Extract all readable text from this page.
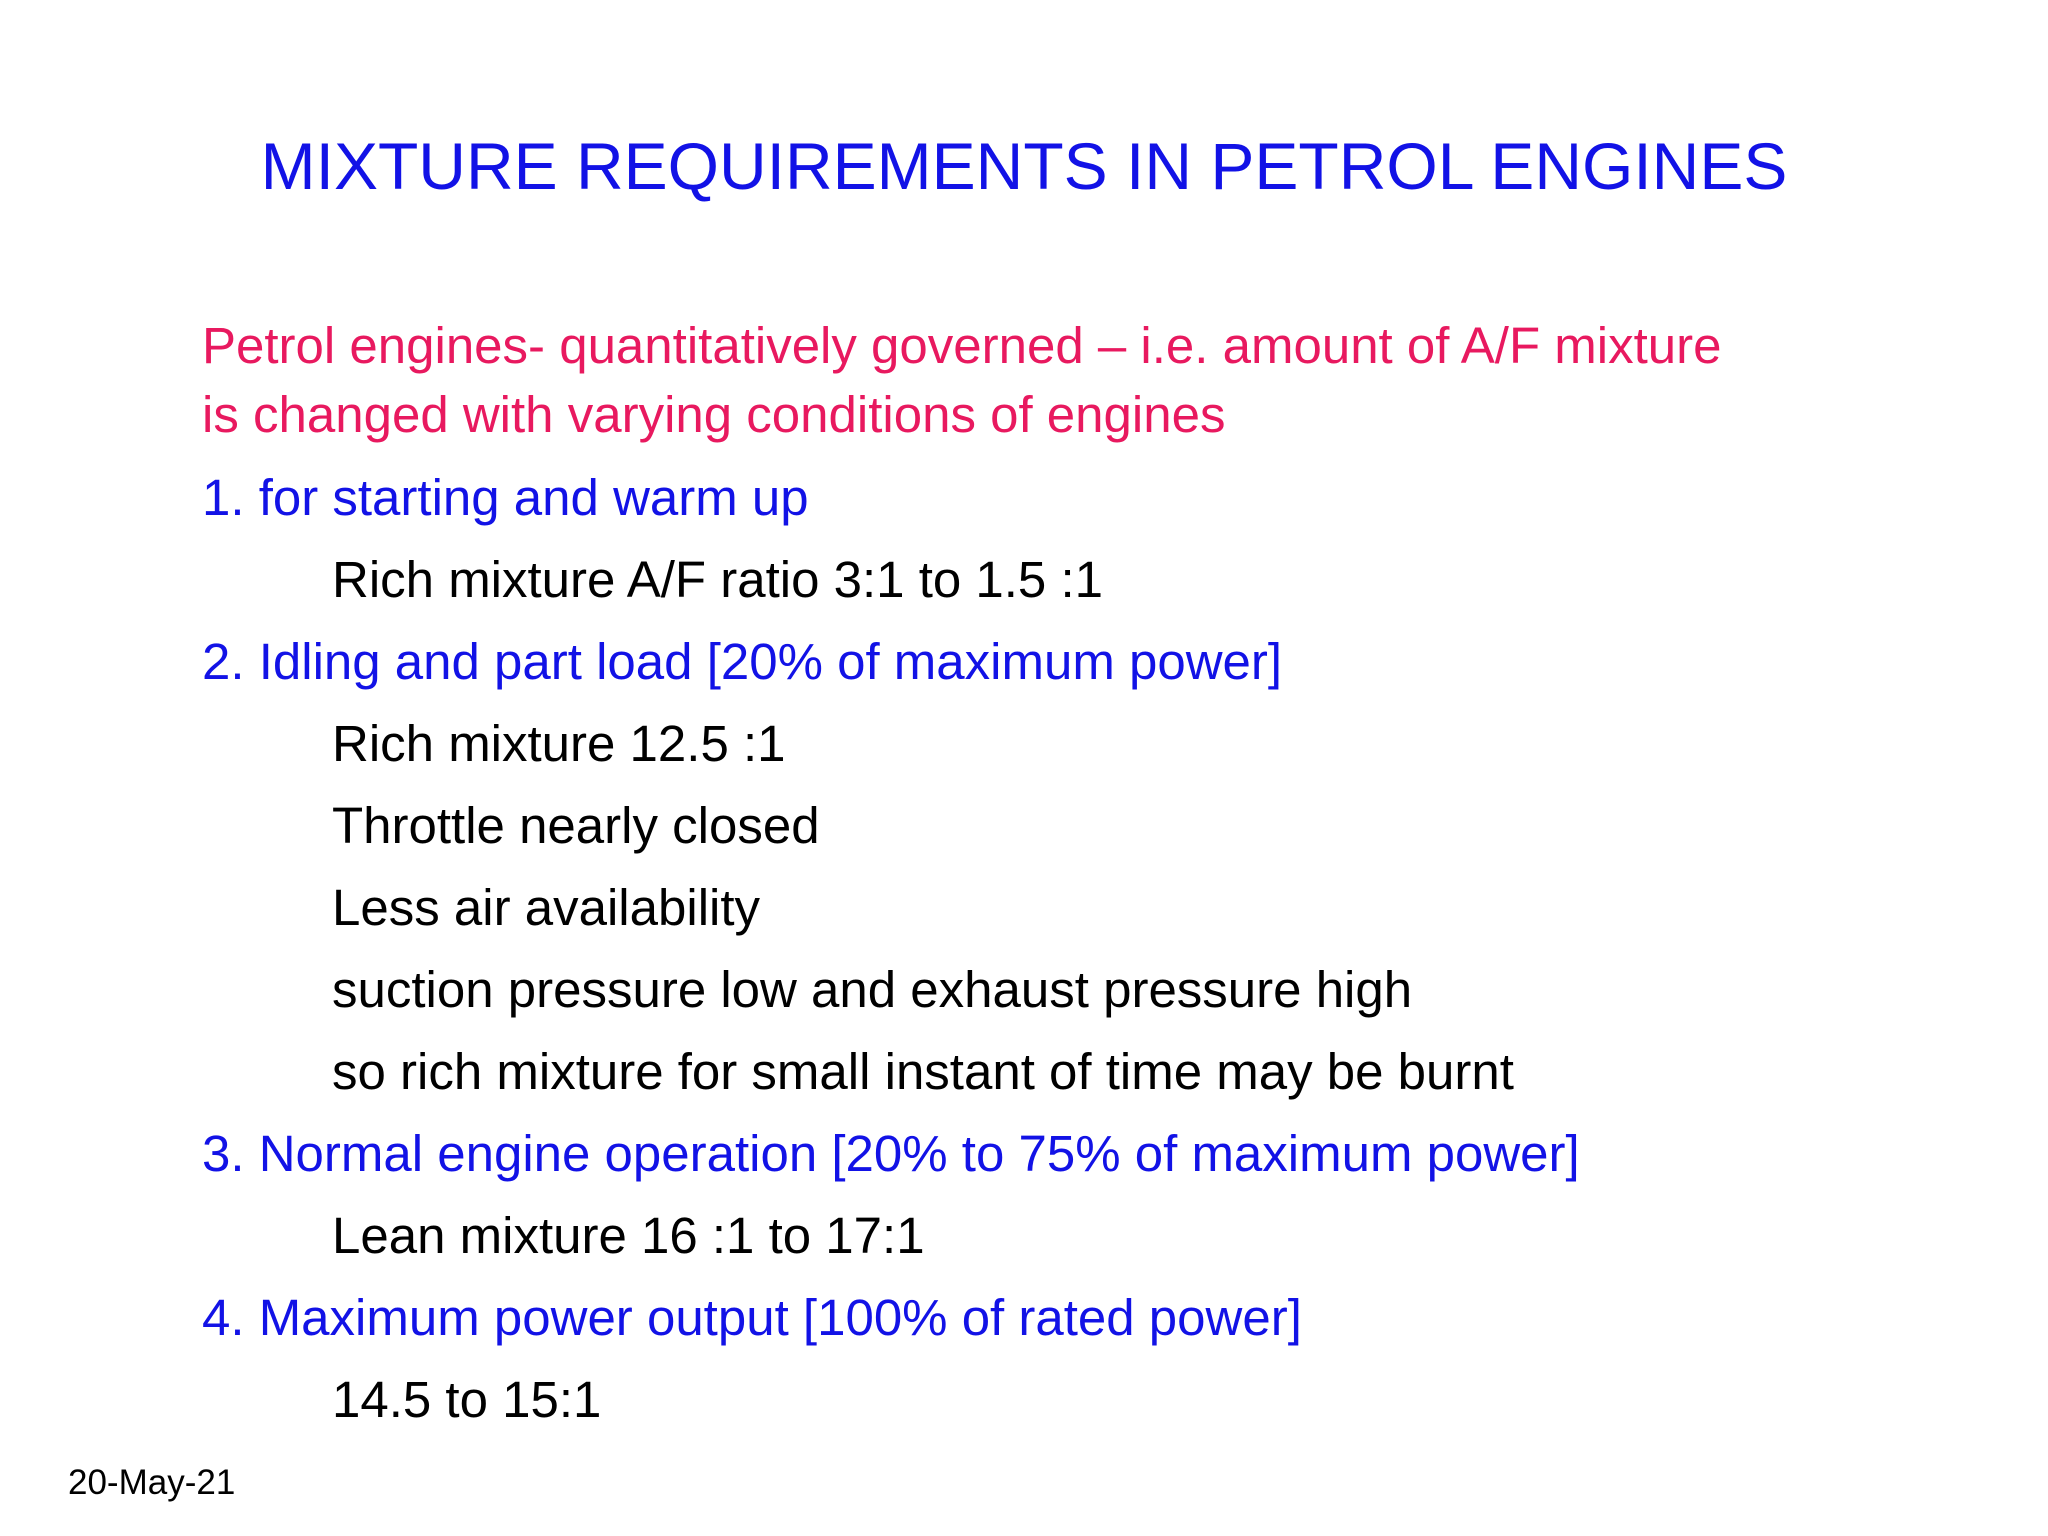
MIXTURE REQUIREMENTS IN PETROL ENGINES
Petrol engines- quantitatively governed – i.e. amount of A/F mixture
is changed with varying conditions of engines
1. for starting and warm up
Rich mixture A/F ratio 3:1 to 1.5 :1
2. Idling and part load [20% of maximum power]
Rich mixture 12.5 :1
Throttle nearly closed
Less air availability
suction pressure low and exhaust pressure high
so rich mixture for small instant of time may be burnt
3. Normal engine operation [20% to 75% of maximum power]
Lean mixture 16 :1 to 17:1
4. Maximum power output [100% of rated power]
14.5 to 15:1
20-May-21
